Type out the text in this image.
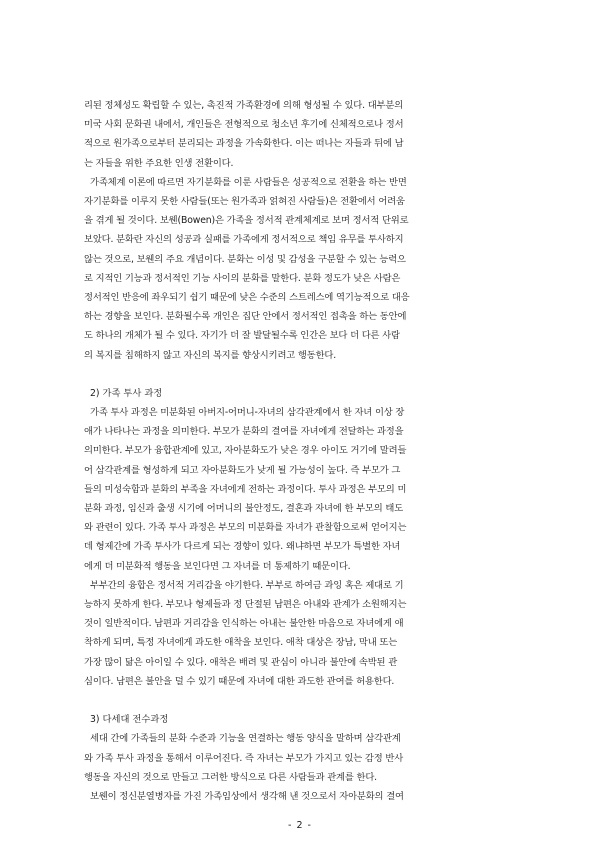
리된 정체성도 확립할 수 있는, 촉진적 가족환경에 의해 형성될 수 있다. 대부분의

미국 사회 문화권 내에서, 개인들은 전형적으로 청소년 후기에 신체적으로나 정서

적으로 원가족으로부터 분리되는 과정을 가속화한다. 이는 떠나는 자들과 뒤에 남

는 자들을 위한 주요한 인생 전환이다.

가족체계 이론에 따르면 자기분화를 이룬 사람들은 성공적으로 전환을 하는 반면

자기분화를 이루지 못한 사람들(또는 원가족과 얽혀진 사람들)은 전환에서 어려움

을 겪게 될 것이다. 보웬(Bowen)은 가족을 정서적 관계체계로 보며 정서적 단위로

보았다. 분화란 자신의 성공과 실패를 가족에게 정서적으로 책임 유무를 투사하지

않는 것으로, 보웬의 주요 개념이다. 분화는 이성 및 감성을 구분할 수 있는 능력으

로 지적인 기능과 정서적인 기능 사이의 분화를 말한다. 분화 정도가 낮은 사람은

정서적인 반응에 좌우되기 쉽기 때문에 낮은 수준의 스트레스에 역기능적으로 대응

하는 경향을 보인다. 분화될수록 개인은 집단 안에서 정서적인 접촉을 하는 동안에

도 하나의 개체가 될 수 있다. 자기가 더 잘 발달될수록 인간은 보다 더 다른 사람

의 복지를 침해하지 않고 자신의 복지를 향상시키려고 행동한다.

2) 가족 투사 과정

가족 투사 과정은 미분화된 아버지-어머니-자녀의 삼각관계에서 한 자녀 이상 장

애가 나타나는 과정을 의미한다. 부모가 분화의 결여를 자녀에게 전달하는 과정을

의미한다. 부모가 융합관계에 있고, 자아분화도가 낮은 경우 아이도 거기에 말려들

어 삼각관계를 형성하게 되고 자아분화도가 낮게 될 가능성이 높다. 즉 부모가 그

들의 미성숙함과 분화의 부족을 자녀에게 전하는 과정이다. 투사 과정은 부모의 미

분화 과정, 임신과 출생 시기에 어머니의 불안정도, 결혼과 자녀에 한 부모의 태도

와 관련이 있다. 가족 투사 과정은 부모의 미분화를 자녀가 관찰함으로써 얻어지는

데 형제간에 가족 투사가 다르게 되는 경향이 있다. 왜냐하면 부모가 특별한 자녀

에게 더 미분화적 행동을 보인다면 그 자녀를 더 통제하기 때문이다.

부부간의 융합은 정서적 거리감을 야기한다. 부부로 하여금 과잉 혹은 제대로 기

능하지 못하게 한다. 부모나 형제들과 정 단절된 남편은 아내와 관계가 소원해지는

것이 일반적이다. 남편과 거리감을 인식하는 아내는 불안한 마음으로 자녀에게 애

착하게 되며, 특정 자녀에게 과도한 애착을 보인다. 애착 대상은 장남, 막내 또는

가장 많이 닮은 아이일 수 있다. 애착은 배려 및 관심이 아니라 불안에 속박된 관

심이다. 남편은 불안을 덜 수 있기 때문에 자녀에 대한 과도한 관여를 허용한다.

3) 다세대 전수과정

세대 간에 가족들의 분화 수준과 기능을 연결하는 행동 양식을 말하며 삼각관계

와 가족 투사 과정을 통해서 이루어진다. 즉 자녀는 부모가 가지고 있는 감정 반사

행동을 자신의 것으로 만들고 그러한 방식으로 다른 사람들과 관계를 한다.

보웬이 정신분열병자를 가진 가족임상에서 생각해 낸 것으로서 자아분화의 결여

- 2 -
